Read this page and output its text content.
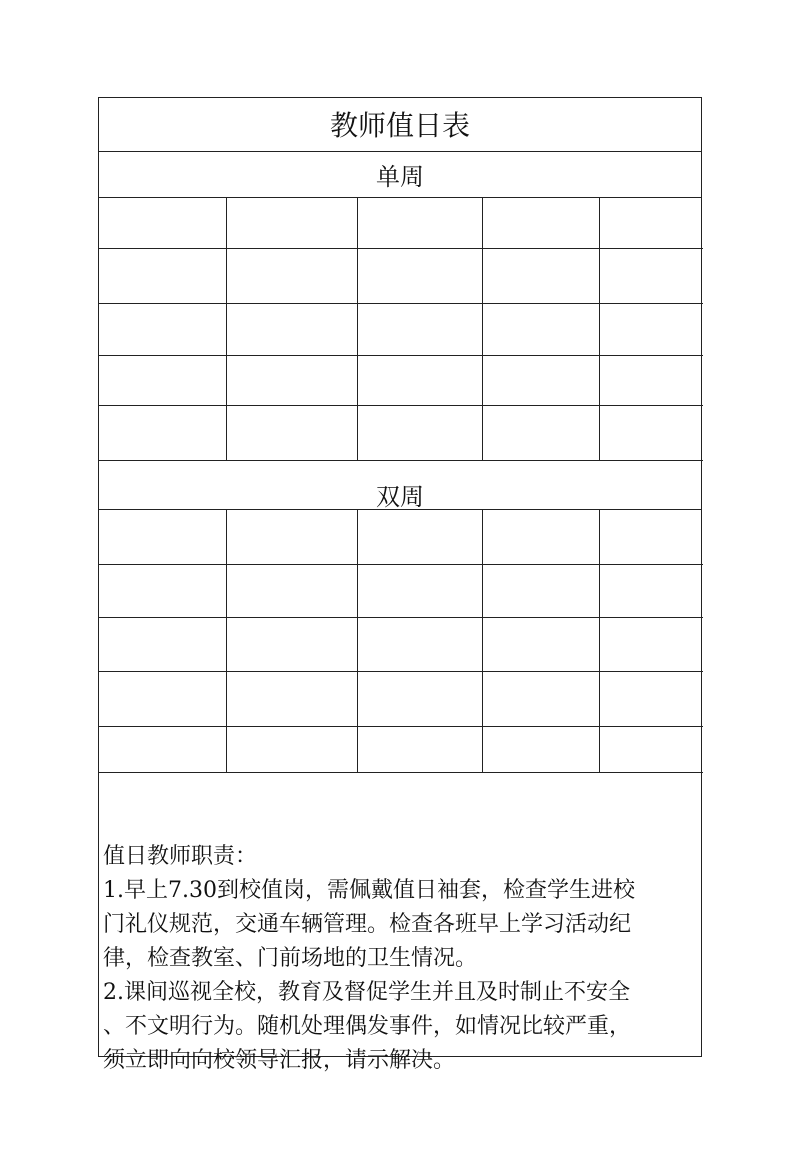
教师值日表
单周

双周

值日教师职责：
1.早上7.30到校值岗，需佩戴值日袖套，检查学生进校
门礼仪规范，交通车辆管理。检查各班早上学习活动纪
律，检查教室、门前场地的卫生情况。
2.课间巡视全校，教育及督促学生并且及时制止不安全
、不文明行为。随机处理偶发事件，如情况比较严重，
须立即向向校领导汇报，请示解决。
